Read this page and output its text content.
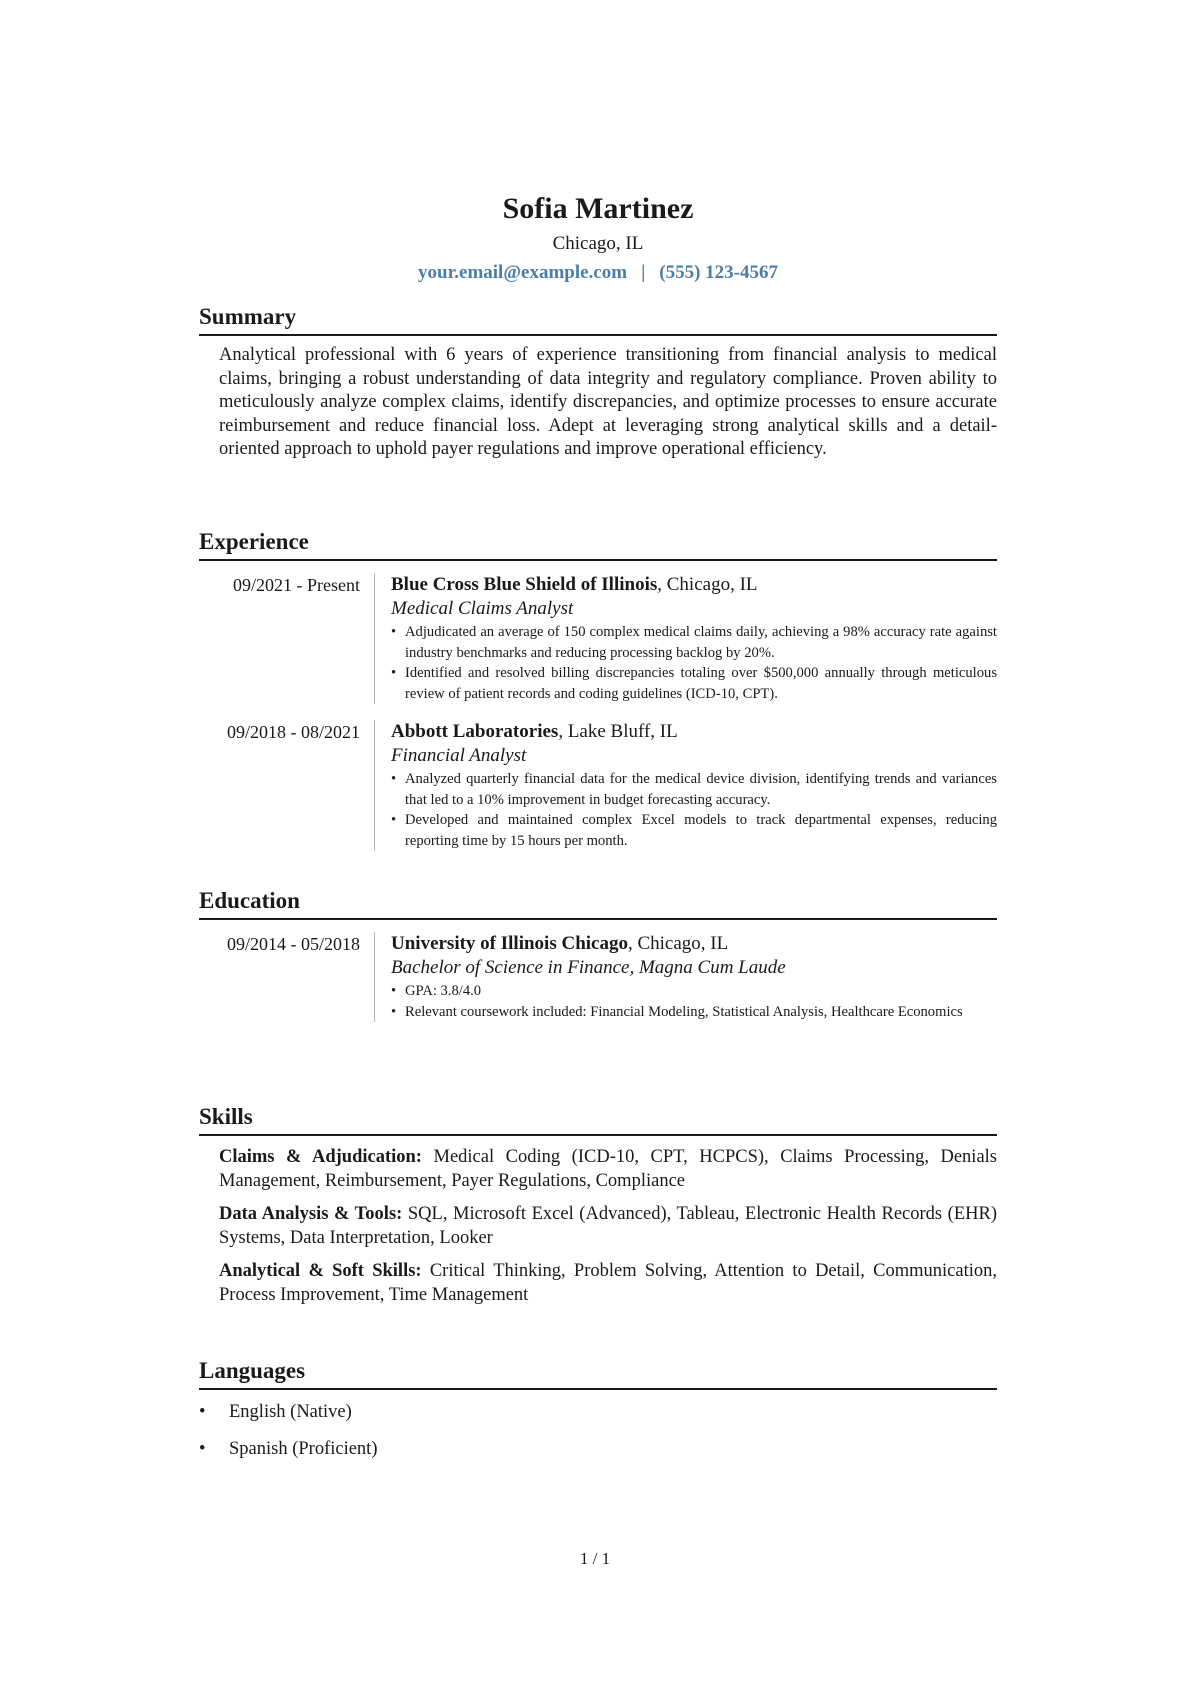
Sofia Martinez
Chicago, IL
your.email@example.com | (555) 123-4567
Summary
Analytical professional with 6 years of experience transitioning from financial analysis to medical claims, bringing a robust understanding of data integrity and regulatory compliance. Proven ability to meticulously analyze complex claims, identify discrepancies, and optimize processes to ensure accurate reimbursement and reduce financial loss. Adept at leveraging strong analytical skills and a detail-oriented approach to uphold payer regulations and improve operational efficiency.
Experience
09/2021 - Present	Blue Cross Blue Shield of Illinois, Chicago, IL
Medical Claims Analyst
• Adjudicated an average of 150 complex medical claims daily, achieving a 98% accuracy rate against industry benchmarks and reducing processing backlog by 20%.
• Identified and resolved billing discrepancies totaling over $500,000 annually through meticulous review of patient records and coding guidelines (ICD-10, CPT).
09/2018 - 08/2021	Abbott Laboratories, Lake Bluff, IL
Financial Analyst
• Analyzed quarterly financial data for the medical device division, identifying trends and variances that led to a 10% improvement in budget forecasting accuracy.
• Developed and maintained complex Excel models to track departmental expenses, reducing reporting time by 15 hours per month.
Education
09/2014 - 05/2018	University of Illinois Chicago, Chicago, IL
Bachelor of Science in Finance, Magna Cum Laude
• GPA: 3.8/4.0
• Relevant coursework included: Financial Modeling, Statistical Analysis, Healthcare Economics
Skills
Claims & Adjudication: Medical Coding (ICD-10, CPT, HCPCS), Claims Processing, Denials Management, Reimbursement, Payer Regulations, Compliance
Data Analysis & Tools: SQL, Microsoft Excel (Advanced), Tableau, Electronic Health Records (EHR) Systems, Data Interpretation, Looker
Analytical & Soft Skills: Critical Thinking, Problem Solving, Attention to Detail, Communication, Process Improvement, Time Management
Languages
• English (Native)
• Spanish (Proficient)
1 / 1
